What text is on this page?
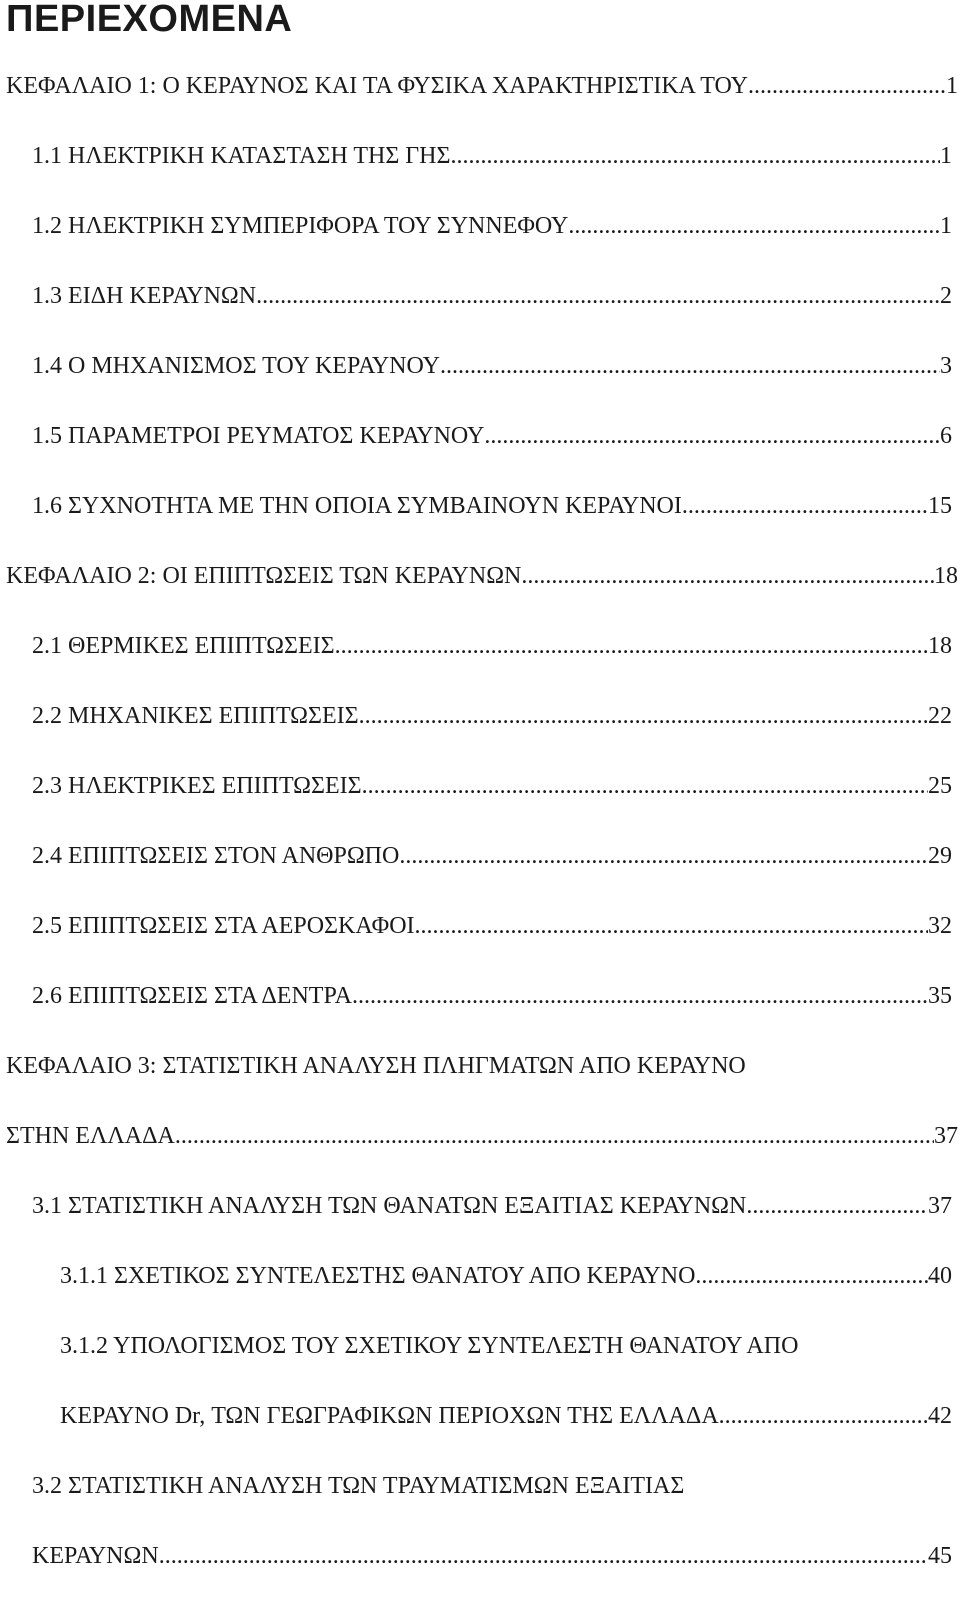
ΠΕΡΙΕΧΟΜΕΝΑ
ΚΕΦΑΛΑΙΟ 1: Ο ΚΕΡΑΥΝΟΣ ΚΑΙ ΤΑ ΦΥΣΙΚΑ ΧΑΡΑΚΤΗΡΙΣΤΙΚΑ ΤΟΥ .....	1
1.1 ΗΛΕΚΤΡΙΚΗ ΚΑΤΑΣΤΑΣΗ ΤΗΣ ΓΗΣ .....	1
1.2 ΗΛΕΚΤΡΙΚΗ ΣΥΜΠΕΡΙΦΟΡΑ ΤΟΥ ΣΥΝΝΕΦΟΥ .....	1
1.3 ΕΙΔΗ ΚΕΡΑΥΝΩΝ .....	2
1.4 Ο ΜΗΧΑΝΙΣΜΟΣ ΤΟΥ ΚΕΡΑΥΝΟΥ .....	3
1.5 ΠΑΡΑΜΕΤΡΟΙ ΡΕΥΜΑΤΟΣ ΚΕΡΑΥΝΟΥ .....	6
1.6 ΣΥΧΝΟΤΗΤΑ ΜΕ ΤΗΝ ΟΠΟΙΑ ΣΥΜΒΑΙΝΟΥΝ ΚΕΡΑΥΝΟΙ .....	15
ΚΕΦΑΛΑΙΟ 2: ΟΙ ΕΠΙΠΤΩΣΕΙΣ ΤΩΝ ΚΕΡΑΥΝΩΝ .....	18
2.1 ΘΕΡΜΙΚΕΣ ΕΠΙΠΤΩΣΕΙΣ .....	18
2.2 ΜΗΧΑΝΙΚΕΣ ΕΠΙΠΤΩΣΕΙΣ .....	22
2.3 ΗΛΕΚΤΡΙΚΕΣ ΕΠΙΠΤΩΣΕΙΣ .....	25
2.4 ΕΠΙΠΤΩΣΕΙΣ ΣΤΟΝ ΑΝΘΡΩΠΟ .....	29
2.5 ΕΠΙΠΤΩΣΕΙΣ ΣΤΑ ΑΕΡΟΣΚΑΦΟΙ .....	32
2.6 ΕΠΙΠΤΩΣΕΙΣ ΣΤΑ ΔΕΝΤΡΑ .....	35
ΚΕΦΑΛΑΙΟ 3: ΣΤΑΤΙΣΤΙΚΗ ΑΝΑΛΥΣΗ ΠΛΗΓΜΑΤΩΝ ΑΠΟ ΚΕΡΑΥΝΟ
ΣΤΗΝ ΕΛΛΑΔΑ .....	37
3.1 ΣΤΑΤΙΣΤΙΚΗ ΑΝΑΛΥΣΗ ΤΩΝ ΘΑΝΑΤΩΝ ΕΞΑΙΤΙΑΣ ΚΕΡΑΥΝΩΝ .....	37
3.1.1 ΣΧΕΤΙΚΟΣ ΣΥΝΤΕΛΕΣΤΗΣ ΘΑΝΑΤΟΥ ΑΠΟ ΚΕΡΑΥΝΟ .....	40
3.1.2 ΥΠΟΛΟΓΙΣΜΟΣ ΤΟΥ ΣΧΕΤΙΚΟΥ ΣΥΝΤΕΛΕΣΤΗ ΘΑΝΑΤΟΥ ΑΠΟ
ΚΕΡΑΥΝΟ Dr, ΤΩΝ ΓΕΩΓΡΑΦΙΚΩΝ ΠΕΡΙΟΧΩΝ ΤΗΣ ΕΛΛΑΔΑ .....	42
3.2 ΣΤΑΤΙΣΤΙΚΗ ΑΝΑΛΥΣΗ ΤΩΝ ΤΡΑΥΜΑΤΙΣΜΩΝ ΕΞΑΙΤΙΑΣ
ΚΕΡΑΥΝΩΝ .....	45
